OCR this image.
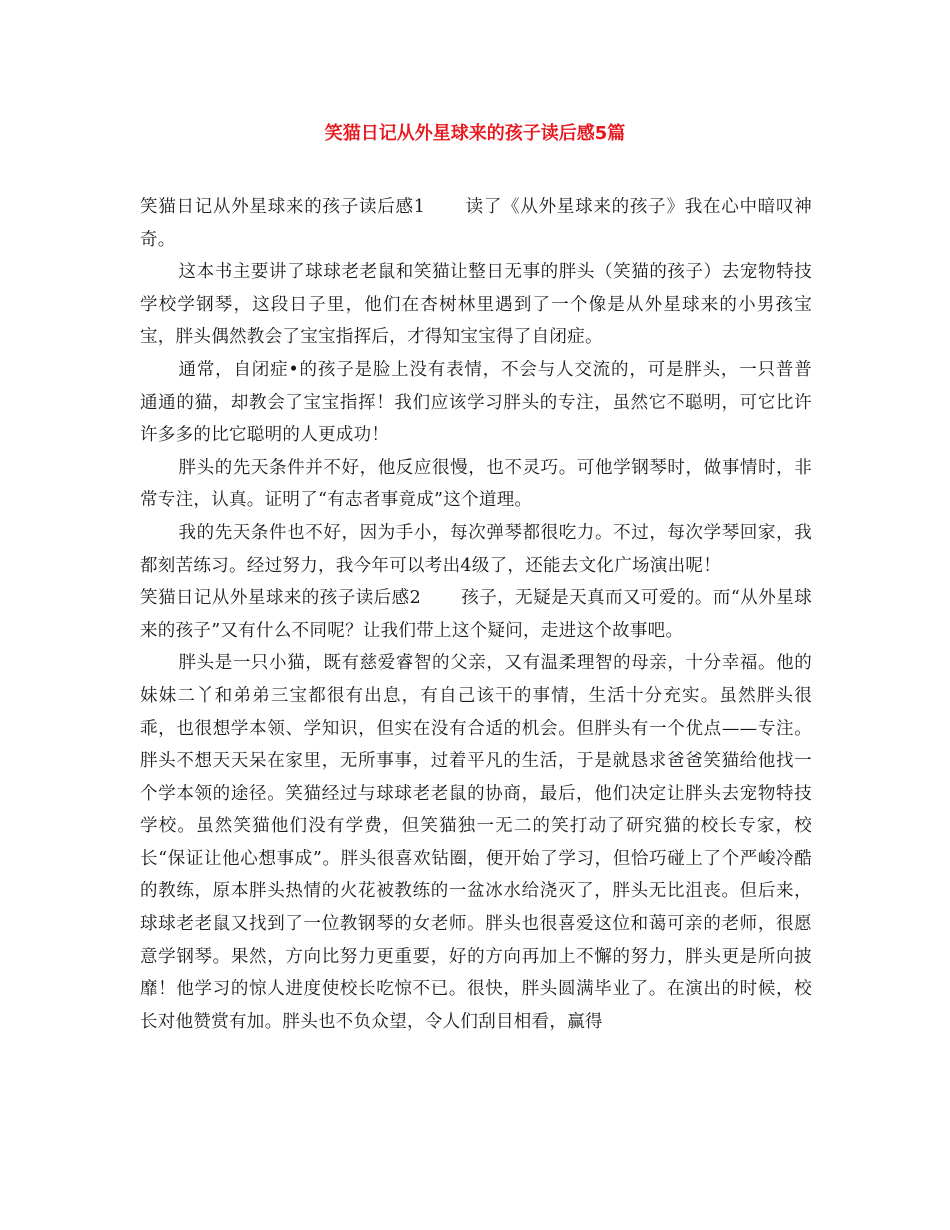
笑猫日记从外星球来的孩子读后感5篇

笑猫日记从外星球来的孩子读后感1 读了《从外星球来的孩子》我在心中暗叹神奇。

这本书主要讲了球球老老鼠和笑猫让整日无事的胖头（笑猫的孩子）去宠物特技学校学钢琴，这段日子里，他们在杏树林里遇到了一个像是从外星球来的小男孩宝宝，胖头偶然教会了宝宝指挥后，才得知宝宝得了自闭症。

通常，自闭症•的孩子是脸上没有表情，不会与人交流的，可是胖头，一只普普通通的猫，却教会了宝宝指挥！我们应该学习胖头的专注，虽然它不聪明，可它比许许多多的比它聪明的人更成功！

胖头的先天条件并不好，他反应很慢，也不灵巧。可他学钢琴时，做事情时，非常专注，认真。证明了“有志者事竟成”这个道理。

我的先天条件也不好，因为手小，每次弹琴都很吃力。不过，每次学琴回家，我都刻苦练习。经过努力，我今年可以考出4级了，还能去文化广场演出呢！

笑猫日记从外星球来的孩子读后感2 孩子，无疑是天真而又可爱的。而“从外星球来的孩子”又有什么不同呢？让我们带上这个疑问，走进这个故事吧。

胖头是一只小猫，既有慈爱睿智的父亲，又有温柔理智的母亲，十分幸福。他的妹妹二丫和弟弟三宝都很有出息，有自己该干的事情，生活十分充实。虽然胖头很乖，也很想学本领、学知识，但实在没有合适的机会。但胖头有一个优点——专注。胖头不想天天呆在家里，无所事事，过着平凡的生活，于是就恳求爸爸笑猫给他找一个学本领的途径。笑猫经过与球球老老鼠的协商，最后，他们决定让胖头去宠物特技学校。虽然笑猫他们没有学费，但笑猫独一无二的笑打动了研究猫的校长专家，校长“保证让他心想事成”。胖头很喜欢钻圈，便开始了学习，但恰巧碰上了个严峻冷酷的教练，原本胖头热情的火花被教练的一盆冰水给浇灭了，胖头无比沮丧。但后来，球球老老鼠又找到了一位教钢琴的女老师。胖头也很喜爱这位和蔼可亲的老师，很愿意学钢琴。果然，方向比努力更重要，好的方向再加上不懈的努力，胖头更是所向披靡！他学习的惊人进度使校长吃惊不已。很快，胖头圆满毕业了。在演出的时候，校长对他赞赏有加。胖头也不负众望，令人们刮目相看，赢得
